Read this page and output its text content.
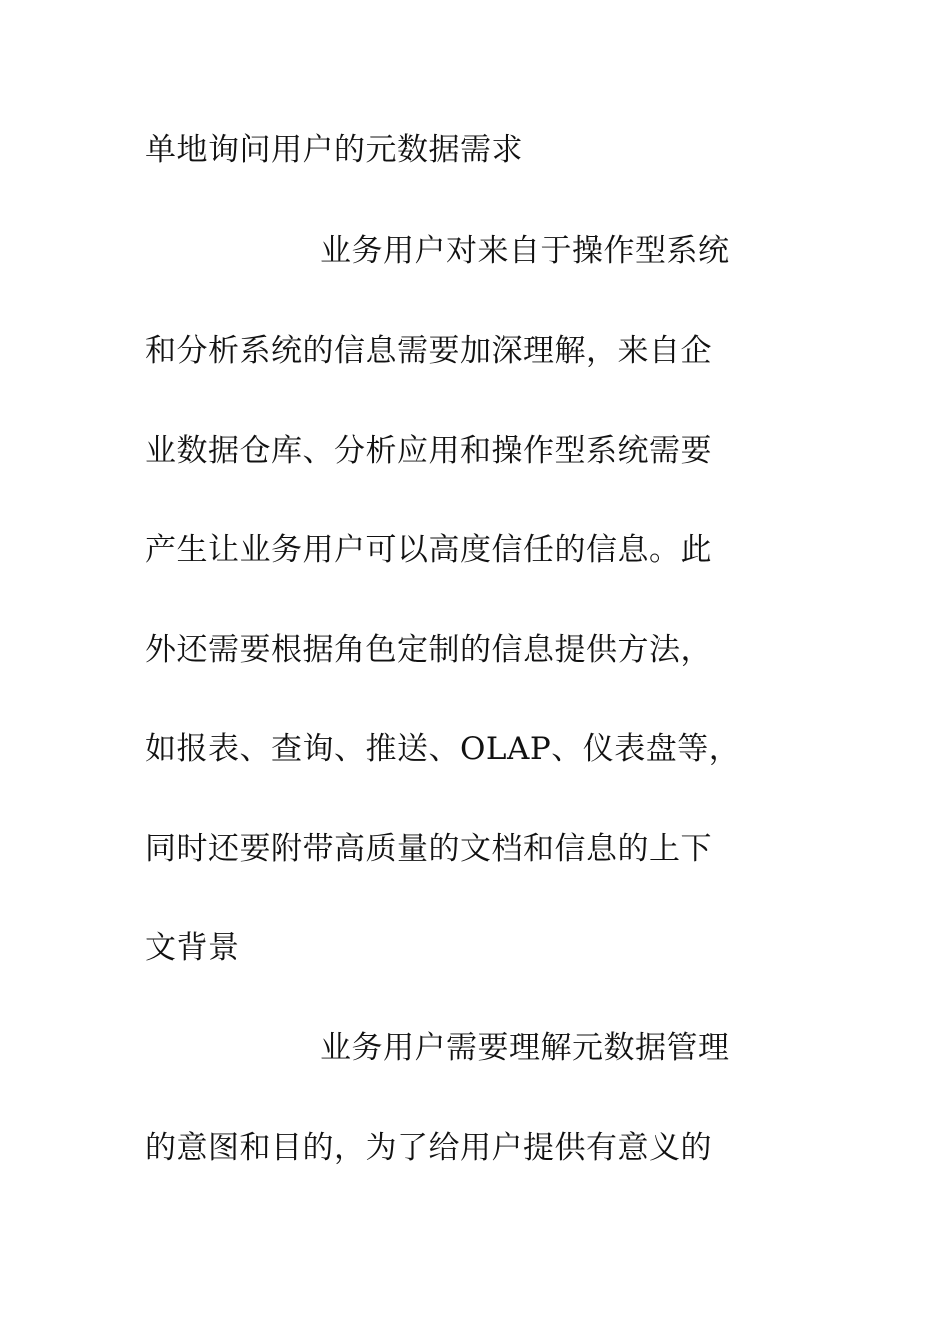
单地询问用户的元数据需求
业务用户对来自于操作型系统
和分析系统的信息需要加深理解，来自企
业数据仓库、分析应用和操作型系统需要
产生让业务用户可以高度信任的信息。此
外还需要根据角色定制的信息提供方法，
如报表、查询、推送、OLAP、仪表盘等，
同时还要附带高质量的文档和信息的上下
文背景
业务用户需要理解元数据管理
的意图和目的，为了给用户提供有意义的
